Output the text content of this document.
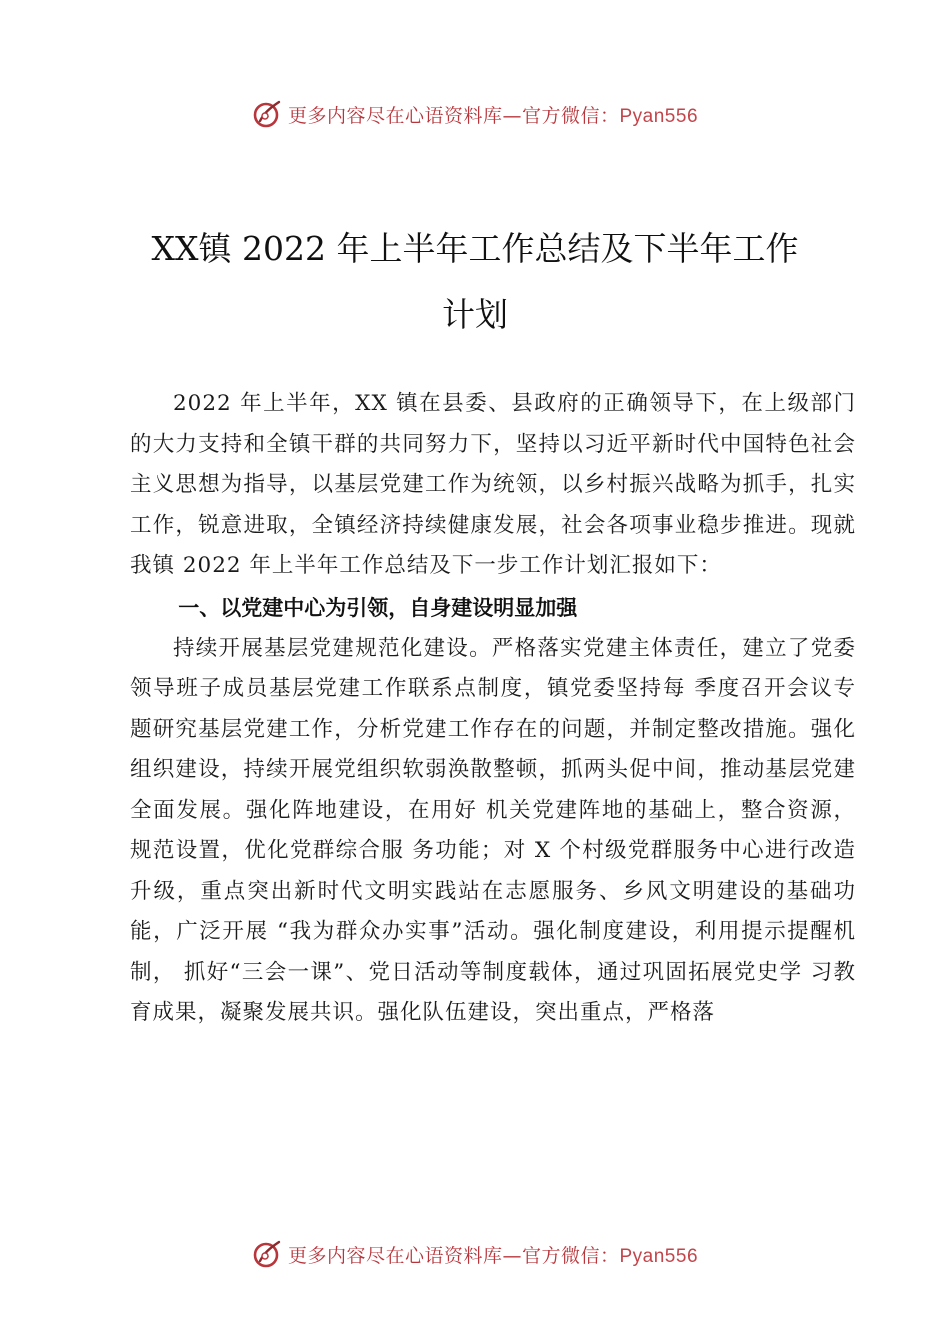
更多内容尽在心语资料库—官方微信：Pyan556
XX镇 2022 年上半年工作总结及下半年工作
计划

2022 年上半年，XX 镇在县委、县政府的正确领导下，在上级部门的大力支持和全镇干群的共同努力下，坚持以习近平新时代中国特色社会主义思想为指导，以基层党建工作为统领，以乡村振兴战略为抓手，扎实工作，锐意进取，全镇经济持续健康发展，社会各项事业稳步推进。现就我镇 2022 年上半年工作总结及下一步工作计划汇报如下：

一、以党建中心为引领，自身建设明显加强

持续开展基层党建规范化建设。严格落实党建主体责任，建立了党委领导班子成员基层党建工作联系点制度，镇党委坚持每 季度召开会议专题研究基层党建工作，分析党建工作存在的问题，并制定整改措施。强化组织建设，持续开展党组织软弱涣散整顿，抓两头促中间，推动基层党建全面发展。强化阵地建设，在用好 机关党建阵地的基础上，整合资源，规范设置，优化党群综合服 务功能；对 X 个村级党群服务中心进行改造升级，重点突出新时代文明实践站在志愿服务、乡风文明建设的基础功能，广泛开展 “我为群众办实事”活动。强化制度建设，利用提示提醒机制， 抓好“三会一课”、党日活动等制度载体，通过巩固拓展党史学 习教育成果，凝聚发展共识。强化队伍建设，突出重点，严格落

更多内容尽在心语资料库—官方微信：Pyan556
